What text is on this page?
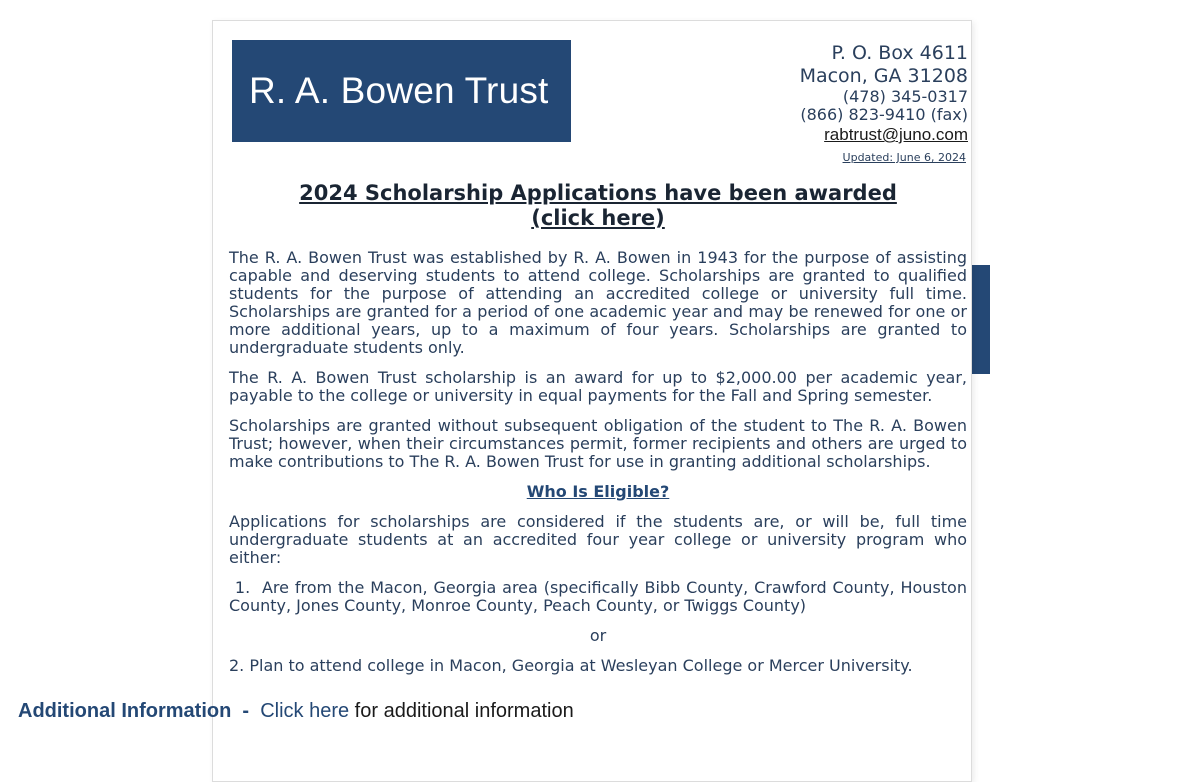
R. A. Bowen Trust
P. O. Box 4611
Macon, GA 31208
(478) 345-0317
(866) 823-9410 (fax)
rabtrust@juno.com
Updated: June 6, 2024
2024 Scholarship Applications have been awarded
(click here)

The R. A. Bowen Trust was established by R. A. Bowen in 1943 for the purpose of assisting capable and deserving students to attend college. Scholarships are granted to qualified students for the purpose of attending an accredited college or university full time. Scholarships are granted for a period of one academic year and may be renewed for one or more additional years, up to a maximum of four years. Scholarships are granted to undergraduate students only.

The R. A. Bowen Trust scholarship is an award for up to $2,000.00 per academic year, payable to the college or university in equal payments for the Fall and Spring semester.

Scholarships are granted without subsequent obligation of the student to The R. A. Bowen Trust; however, when their circumstances permit, former recipients and others are urged to make contributions to The R. A. Bowen Trust for use in granting additional scholarships.

Who Is Eligible?

Applications for scholarships are considered if the students are, or will be, full time undergraduate students at an accredited four year college or university program who either:

1.  Are from the Macon, Georgia area (specifically Bibb County, Crawford County, Houston County, Jones County, Monroe County, Peach County, or Twiggs County)

or

2. Plan to attend college in Macon, Georgia at Wesleyan College or Mercer University.

Additional Information  -  Click here for additional information
